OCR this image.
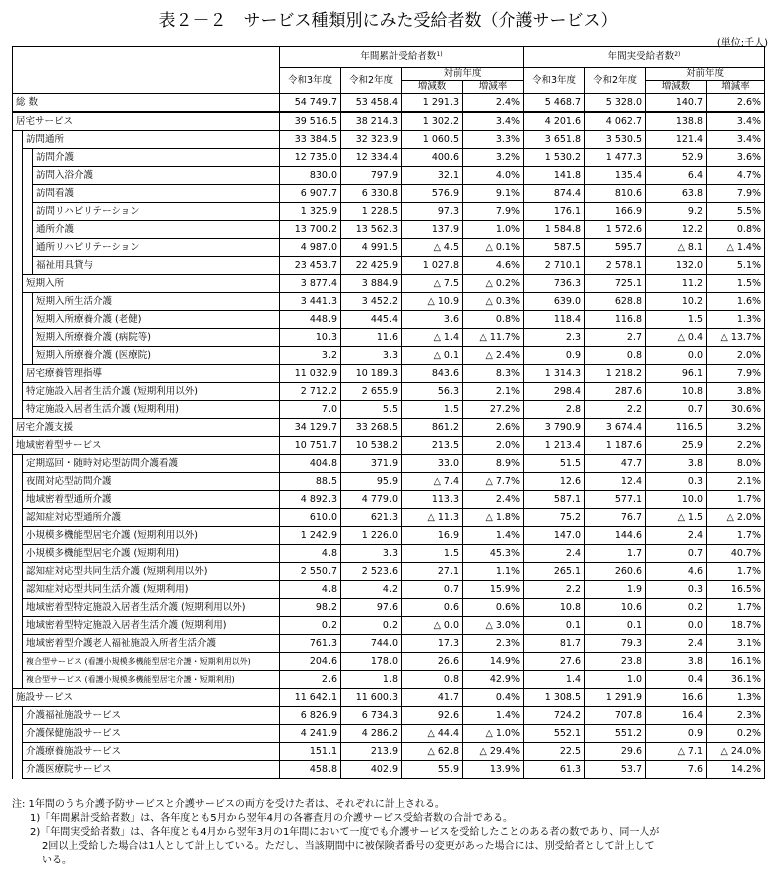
表２－２　サービス種類別にみた受給者数（介護サービス）
(単位:千人)
			年間累計受給者数$^{1)}$				年間実受給者数$^{2)}$
			令和3年度	令和2年度	対前年度		令和3年度	令和2年度	対前年度	
					増減数	増減率			増減数	増減率

総 数			54 749.7	53 458.4	1 291.3	2.4%	5 468.7	5 328.0	140.7	2.6%
居宅サービス			39 516.5	38 214.3	1 302.2	3.4%	4 201.6	4 062.7	138.8	3.4%
	訪問通所		33 384.5	32 323.9	1 060.5	3.3%	3 651.8	3 530.5	121.4	3.4%
		訪問介護	12 735.0	12 334.4	400.6	3.2%	1 530.2	1 477.3	52.9	3.6%
		訪問入浴介護	830.0	797.9	32.1	4.0%	141.8	135.4	6.4	4.7%
		訪問看護	6 907.7	6 330.8	576.9	9.1%	874.4	810.6	63.8	7.9%
		訪問リハビリテーション	1 325.9	1 228.5	97.3	7.9%	176.1	166.9	9.2	5.5%
		通所介護	13 700.2	13 562.3	137.9	1.0%	1 584.8	1 572.6	12.2	0.8%
		通所リハビリテーション	4 987.0	4 991.5	△ 4.5	△ 0.1%	587.5	595.7	△ 8.1	△ 1.4%
		福祉用具貸与	23 453.7	22 425.9	1 027.8	4.6%	2 710.1	2 578.1	132.0	5.1%
	短期入所		3 877.4	3 884.9	△ 7.5	△ 0.2%	736.3	725.1	11.2	1.5%
		短期入所生活介護	3 441.3	3 452.2	△ 10.9	△ 0.3%	639.0	628.8	10.2	1.6%
		短期入所療養介護 (老健)	448.9	445.4	3.6	0.8%	118.4	116.8	1.5	1.3%
		短期入所療養介護 (病院等)	10.3	11.6	△ 1.4	△ 11.7%	2.3	2.7	△ 0.4	△ 13.7%
		短期入所療養介護 (医療院)	3.2	3.3	△ 0.1	△ 2.4%	0.9	0.8	0.0	2.0%
	居宅療養管理指導		11 032.9	10 189.3	843.6	8.3%	1 314.3	1 218.2	96.1	7.9%
	特定施設入居者生活介護 (短期利用以外)		2 712.2	2 655.9	56.3	2.1%	298.4	287.6	10.8	3.8%
	特定施設入居者生活介護 (短期利用)		7.0	5.5	1.5	27.2%	2.8	2.2	0.7	30.6%
居宅介護支援			34 129.7	33 268.5	861.2	2.6%	3 790.9	3 674.4	116.5	3.2%
地域密着型サービス			10 751.7	10 538.2	213.5	2.0%	1 213.4	1 187.6	25.9	2.2%
	定期巡回・随時対応型訪問介護看護		404.8	371.9	33.0	8.9%	51.5	47.7	3.8	8.0%
	夜間対応型訪問介護		88.5	95.9	△ 7.4	△ 7.7%	12.6	12.4	0.3	2.1%
	地域密着型通所介護		4 892.3	4 779.0	113.3	2.4%	587.1	577.1	10.0	1.7%
	認知症対応型通所介護		610.0	621.3	△ 11.3	△ 1.8%	75.2	76.7	△ 1.5	△ 2.0%
	小規模多機能型居宅介護 (短期利用以外)		1 242.9	1 226.0	16.9	1.4%	147.0	144.6	2.4	1.7%
	小規模多機能型居宅介護 (短期利用)		4.8	3.3	1.5	45.3%	2.4	1.7	0.7	40.7%
	認知症対応型共同生活介護 (短期利用以外)		2 550.7	2 523.6	27.1	1.1%	265.1	260.6	4.6	1.7%
	認知症対応型共同生活介護 (短期利用)		4.8	4.2	0.7	15.9%	2.2	1.9	0.3	16.5%
	地域密着型特定施設入居者生活介護 (短期利用以外)		98.2	97.6	0.6	0.6%	10.8	10.6	0.2	1.7%
	地域密着型特定施設入居者生活介護 (短期利用)		0.2	0.2	△ 0.0	△ 3.0%	0.1	0.1	0.0	18.7%
	地域密着型介護老人福祉施設入所者生活介護		761.3	744.0	17.3	2.3%	81.7	79.3	2.4	3.1%
	複合型サービス (看護小規模多機能型居宅介護・短期利用以外)		204.6	178.0	26.6	14.9%	27.6	23.8	3.8	16.1%
	複合型サービス (看護小規模多機能型居宅介護・短期利用)		2.6	1.8	0.8	42.9%	1.4	1.0	0.4	36.1%
施設サービス			11 642.1	11 600.3	41.7	0.4%	1 308.5	1 291.9	16.6	1.3%
	介護福祉施設サービス		6 826.9	6 734.3	92.6	1.4%	724.2	707.8	16.4	2.3%
	介護保健施設サービス		4 241.9	4 286.2	△ 44.4	△ 1.0%	552.1	551.2	0.9	0.2%
	介護療養施設サービス		151.1	213.9	△ 62.8	△ 29.4%	22.5	29.6	△ 7.1	△ 24.0%
	介護医療院サービス		458.8	402.9	55.9	13.9%	61.3	53.7	7.6	14.2%
注: 1年間のうち介護予防サービスと介護サービスの両方を受けた者は、それぞれに計上される。
1)「年間累計受給者数」は、各年度とも5月から翌年4月の各審査月の介護サービス受給者数の合計である。
2)「年間実受給者数」は、各年度とも4月から翌年3月の1年間において一度でも介護サービスを受給したことのある者の数であり、同一人が
2回以上受給した場合は1人として計上している。ただし、当該期間中に被保険者番号の変更があった場合には、別受給者として計上して
いる。
